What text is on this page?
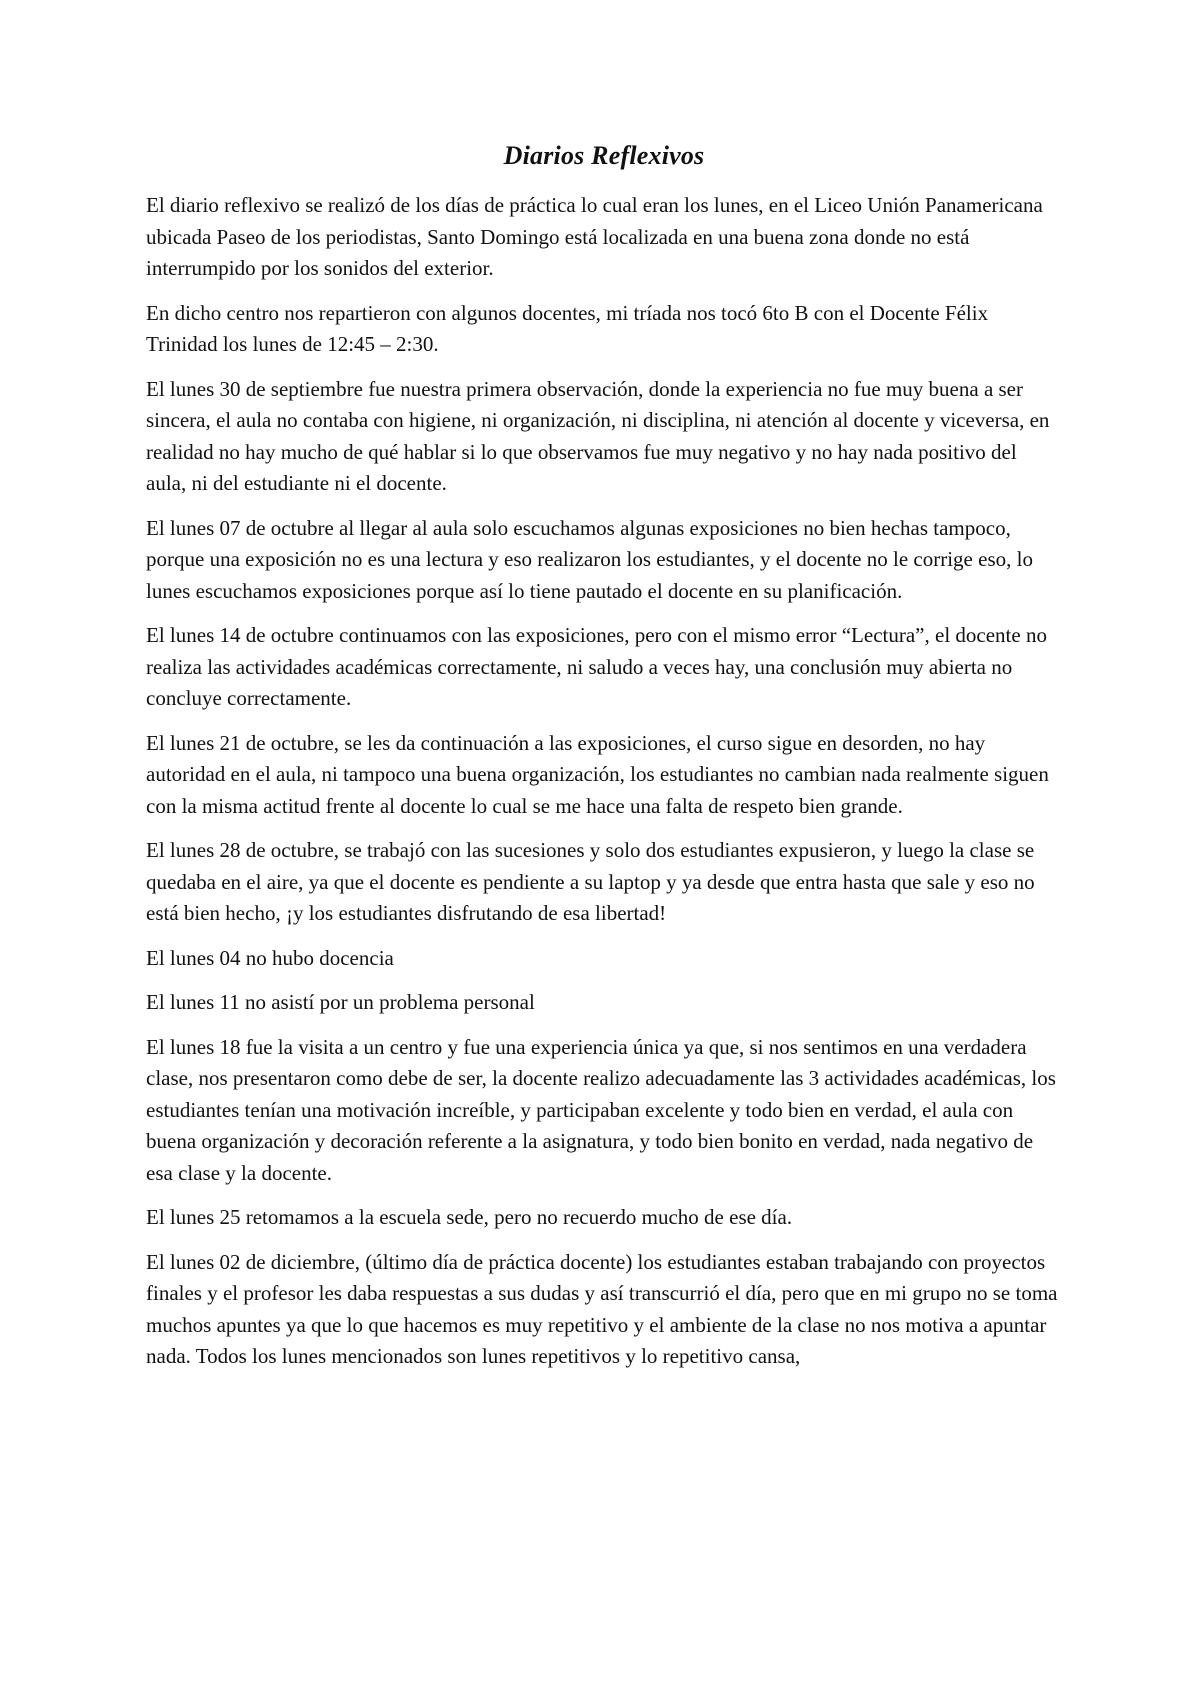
Diarios Reflexivos

El diario reflexivo se realizó de los días de práctica lo cual eran los lunes, en el Liceo Unión Panamericana ubicada Paseo de los periodistas, Santo Domingo está localizada en una buena zona donde no está interrumpido por los sonidos del exterior.

En dicho centro nos repartieron con algunos docentes, mi tríada nos tocó 6to B con el Docente Félix Trinidad los lunes de 12:45 – 2:30.

El lunes 30 de septiembre fue nuestra primera observación, donde la experiencia no fue muy buena a ser sincera, el aula no contaba con higiene, ni organización, ni disciplina, ni atención al docente y viceversa, en realidad no hay mucho de qué hablar si lo que observamos fue muy negativo y no hay nada positivo del aula, ni del estudiante ni el docente.

El lunes 07 de octubre al llegar al aula solo escuchamos algunas exposiciones no bien hechas tampoco, porque una exposición no es una lectura y eso realizaron los estudiantes, y el docente no le corrige eso, lo lunes escuchamos exposiciones porque así lo tiene pautado el docente en su planificación.

El lunes 14 de octubre continuamos con las exposiciones, pero con el mismo error “Lectura”, el docente no realiza las actividades académicas correctamente, ni saludo a veces hay, una conclusión muy abierta no concluye correctamente.

El lunes 21 de octubre, se les da continuación a las exposiciones, el curso sigue en desorden, no hay autoridad en el aula, ni tampoco una buena organización, los estudiantes no cambian nada realmente siguen con la misma actitud frente al docente lo cual se me hace una falta de respeto bien grande.

El lunes 28 de octubre, se trabajó con las sucesiones y solo dos estudiantes expusieron, y luego la clase se quedaba en el aire, ya que el docente es pendiente a su laptop y ya desde que entra hasta que sale y eso no está bien hecho, ¡y los estudiantes disfrutando de esa libertad!

El lunes 04 no hubo docencia

El lunes 11 no asistí por un problema personal

El lunes 18 fue la visita a un centro y fue una experiencia única ya que, si nos sentimos en una verdadera clase, nos presentaron como debe de ser, la docente realizo adecuadamente las 3 actividades académicas, los estudiantes tenían una motivación increíble, y participaban excelente y todo bien en verdad, el aula con buena organización y decoración referente a la asignatura, y todo bien bonito en verdad, nada negativo de esa clase y la docente.

El lunes 25 retomamos a la escuela sede, pero no recuerdo mucho de ese día.

El lunes 02 de diciembre, (último día de práctica docente) los estudiantes estaban trabajando con proyectos finales y el profesor les daba respuestas a sus dudas y así transcurrió el día, pero que en mi grupo no se toma muchos apuntes ya que lo que hacemos es muy repetitivo y el ambiente de la clase no nos motiva a apuntar nada. Todos los lunes mencionados son lunes repetitivos y lo repetitivo cansa,
